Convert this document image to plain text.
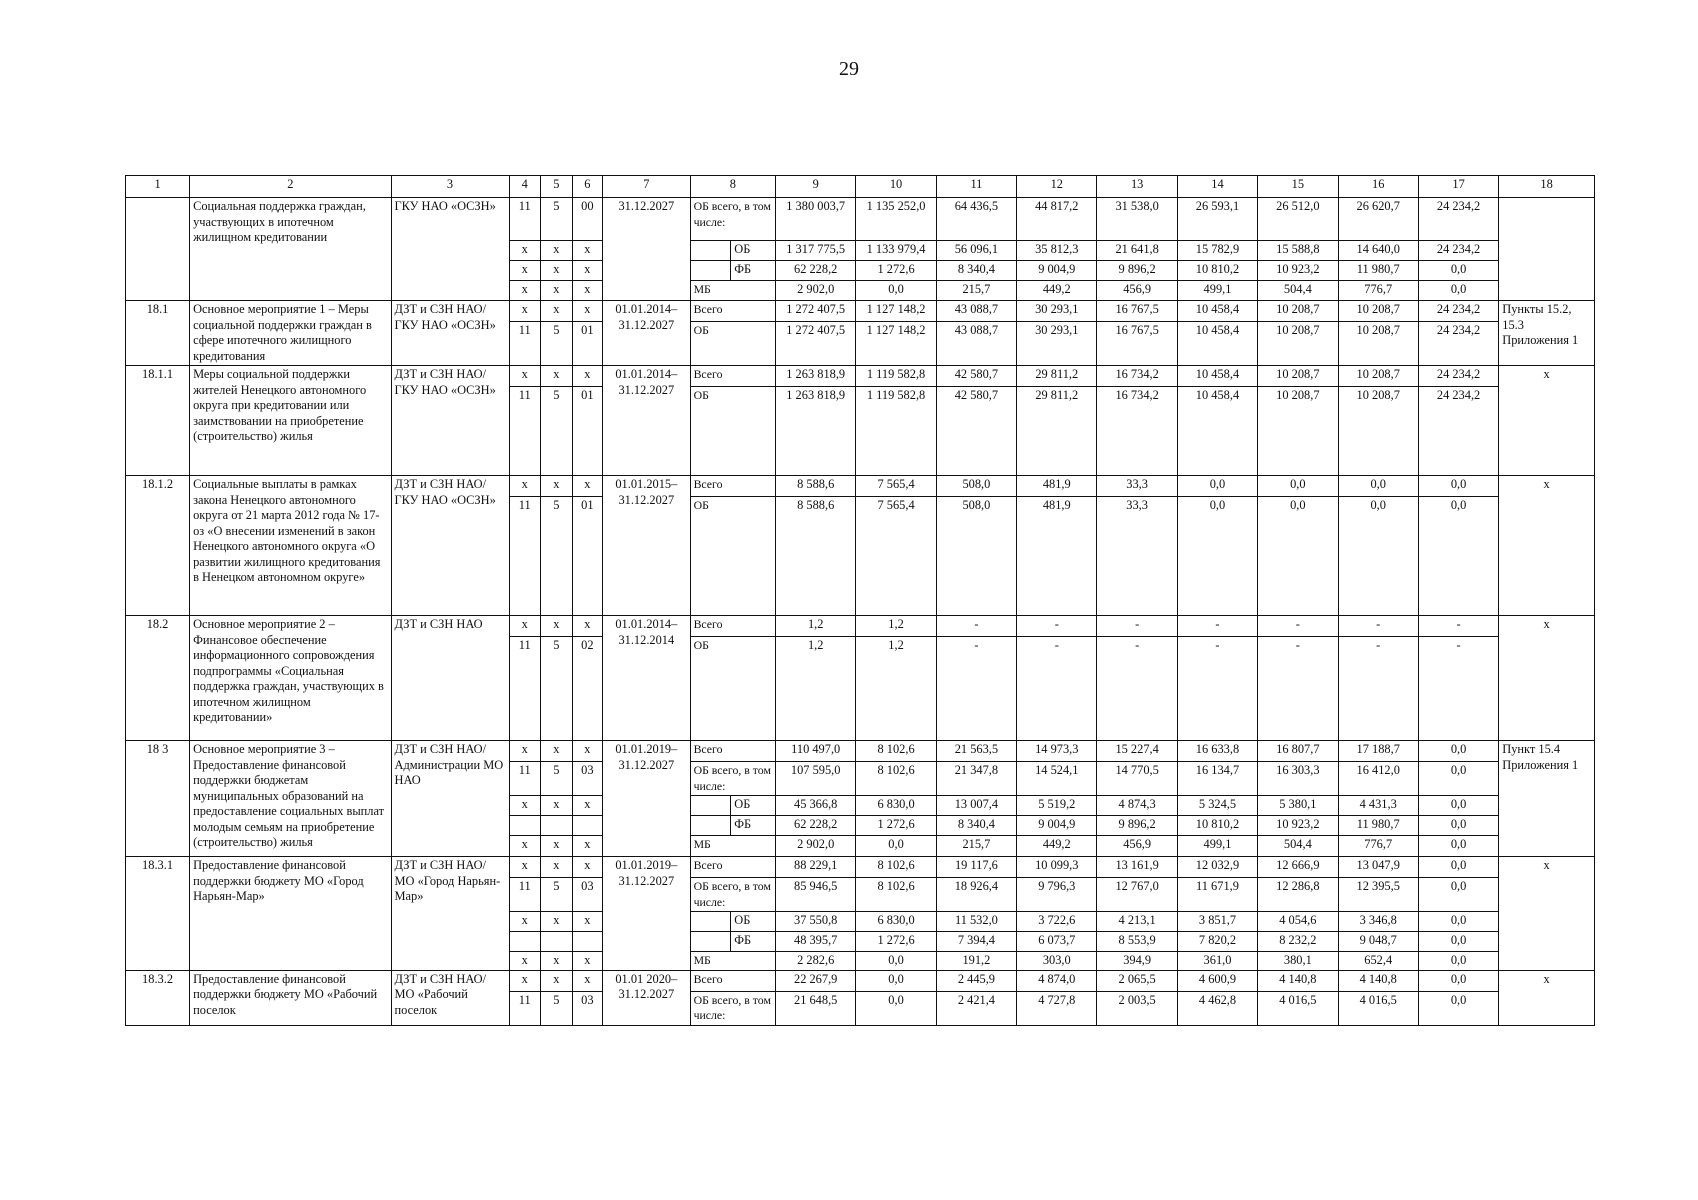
29
1	2	3	4	5	6	7	8		9	10	11	12	13	14	15	16	17	18
	Социальная поддержка граждан, участвующих в ипотечном жилищном кредитовании	ГКУ НАО «ОСЗН»	11	5	00	31.12.2027	ОБ всего, в том числе:		1 380 003,7	1 135 252,0	64 436,5	44 817,2	31 538,0	26 593,1	26 512,0	26 620,7	24 234,2	
			х	х	х			ОБ	1 317 775,5	1 133 979,4	56 096,1	35 812,3	21 641,8	15 782,9	15 588,8	14 640,0	24 234,2	
			х	х	х			ФБ	62 228,2	1 272,6	8 340,4	9 004,9	9 896,2	10 810,2	10 923,2	11 980,7	0,0	
			х	х	х		МБ		2 902,0	0,0	215,7	449,2	456,9	499,1	504,4	776,7	0,0	
18.1	Основное мероприятие 1 – Меры социальной поддержки граждан в сфере ипотечного жилищного кредитования	ДЗТ и СЗН НАО/ ГКУ НАО «ОСЗН»	х	х	х	01.01.2014– 31.12.2027	Всего		1 272 407,5	1 127 148,2	43 088,7	30 293,1	16 767,5	10 458,4	10 208,7	10 208,7	24 234,2	Пункты 15.2, 15.3 Приложения 1
			11	5	01		ОБ		1 272 407,5	1 127 148,2	43 088,7	30 293,1	16 767,5	10 458,4	10 208,7	10 208,7	24 234,2	
18.1.1	Меры социальной поддержки жителей Ненецкого автономного округа при кредитовании или заимствовании на приобретение (строительство) жилья	ДЗТ и СЗН НАО/ ГКУ НАО «ОСЗН»	х	х	х	01.01.2014– 31.12.2027	Всего		1 263 818,9	1 119 582,8	42 580,7	29 811,2	16 734,2	10 458,4	10 208,7	10 208,7	24 234,2	х
			11	5	01		ОБ		1 263 818,9	1 119 582,8	42 580,7	29 811,2	16 734,2	10 458,4	10 208,7	10 208,7	24 234,2	
18.1.2	Социальные выплаты в рамках закона Ненецкого автономного округа от 21 марта 2012 года № 17-оз «О внесении изменений в закон Ненецкого автономного округа «О развитии жилищного кредитования в Ненецком автономном округе»	ДЗТ и СЗН НАО/ ГКУ НАО «ОСЗН»	х	х	х	01.01.2015– 31.12.2027	Всего		8 588,6	7 565,4	508,0	481,9	33,3	0,0	0,0	0,0	0,0	х
			11	5	01		ОБ		8 588,6	7 565,4	508,0	481,9	33,3	0,0	0,0	0,0	0,0	
18.2	Основное мероприятие 2 – Финансовое обеспечение информационного сопровождения подпрограммы «Социальная поддержка граждан, участвующих в ипотечном жилищном кредитовании»	ДЗТ и СЗН НАО	х	х	х	01.01.2014– 31.12.2014	Всего		1,2	1,2	-	-	-	-	-	-	-	х
			11	5	02		ОБ		1,2	1,2	-	-	-	-	-	-	-	
18 3	Основное мероприятие 3 – Предоставление финансовой поддержки бюджетам муниципальных образований на предоставление социальных выплат молодым семьям на приобретение (строительство) жилья	ДЗТ и СЗН НАО/ Администрации МО НАО	х	х	х	01.01.2019– 31.12.2027	Всего		110 497,0	8 102,6	21 563,5	14 973,3	15 227,4	16 633,8	16 807,7	17 188,7	0,0	Пункт 15.4 Приложения 1
			11	5	03		ОБ всего, в том числе:		107 595,0	8 102,6	21 347,8	14 524,1	14 770,5	16 134,7	16 303,3	16 412,0	0,0	
			х	х	х			ОБ	45 366,8	6 830,0	13 007,4	5 519,2	4 874,3	5 324,5	5 380,1	4 431,3	0,0	
								ФБ	62 228,2	1 272,6	8 340,4	9 004,9	9 896,2	10 810,2	10 923,2	11 980,7	0,0	
			х	х	х		МБ		2 902,0	0,0	215,7	449,2	456,9	499,1	504,4	776,7	0,0	
18.3.1	Предоставление финансовой поддержки бюджету МО «Город Нарьян-Мар»	ДЗТ и СЗН НАО/ МО «Город Нарьян-Мар»	х	х	х	01.01.2019– 31.12.2027	Всего		88 229,1	8 102,6	19 117,6	10 099,3	13 161,9	12 032,9	12 666,9	13 047,9	0,0	х
			11	5	03		ОБ всего, в том числе:		85 946,5	8 102,6	18 926,4	9 796,3	12 767,0	11 671,9	12 286,8	12 395,5	0,0	
			х	х	х			ОБ	37 550,8	6 830,0	11 532,0	3 722,6	4 213,1	3 851,7	4 054,6	3 346,8	0,0	
								ФБ	48 395,7	1 272,6	7 394,4	6 073,7	8 553,9	7 820,2	8 232,2	9 048,7	0,0	
			х	х	х		МБ		2 282,6	0,0	191,2	303,0	394,9	361,0	380,1	652,4	0,0	
18.3.2	Предоставление финансовой поддержки бюджету МО «Рабочий поселок	ДЗТ и СЗН НАО/ МО «Рабочий поселок	х	х	х	01.01 2020– 31.12.2027	Всего		22 267,9	0,0	2 445,9	4 874,0	2 065,5	4 600,9	4 140,8	4 140,8	0,0	х
			11	5	03		ОБ всего, в том числе:		21 648,5	0,0	2 421,4	4 727,8	2 003,5	4 462,8	4 016,5	4 016,5	0,0	
